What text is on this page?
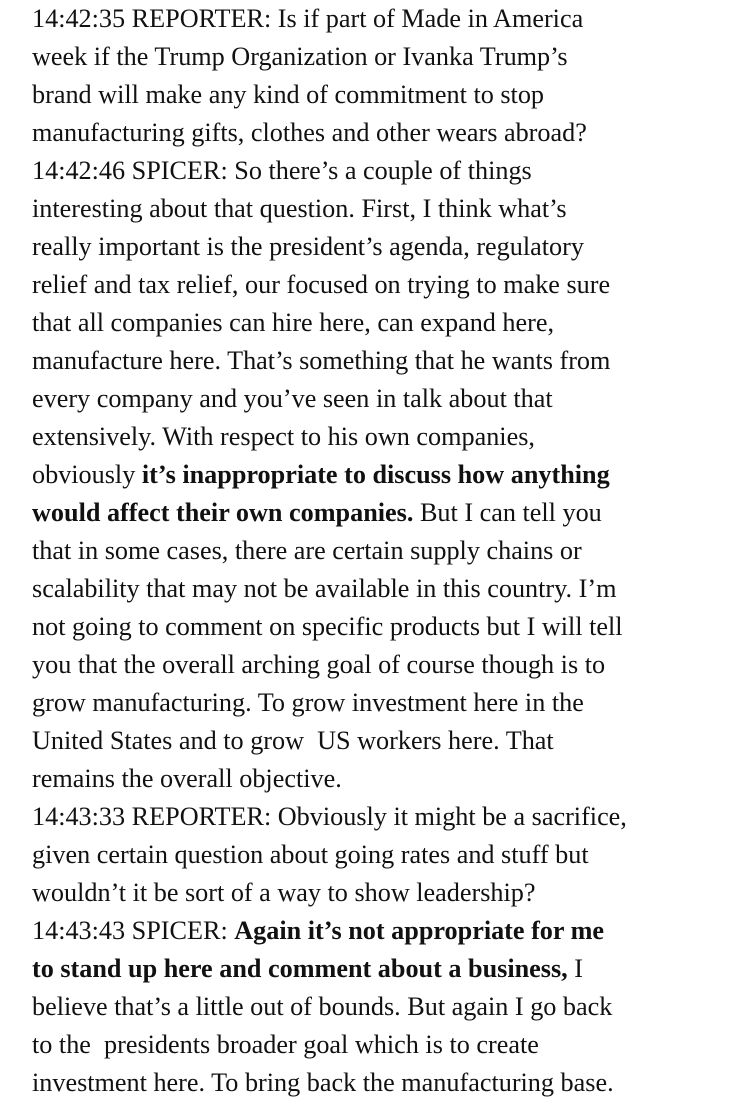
14:42:35 REPORTER: Is if part of Made in America
week if the Trump Organization or Ivanka Trump’s
brand will make any kind of commitment to stop
manufacturing gifts, clothes and other wears abroad?
14:42:46 SPICER: So there’s a couple of things
interesting about that question. First, I think what’s
really important is the president’s agenda, regulatory
relief and tax relief, our focused on trying to make sure
that all companies can hire here, can expand here,
manufacture here. That’s something that he wants from
every company and you’ve seen in talk about that
extensively. With respect to his own companies,
obviously it’s inappropriate to discuss how anything
would affect their own companies. But I can tell you
that in some cases, there are certain supply chains or
scalability that may not be available in this country. I’m
not going to comment on specific products but I will tell
you that the overall arching goal of course though is to
grow manufacturing. To grow investment here in the
United States and to grow  US workers here. That
remains the overall objective.
14:43:33 REPORTER: Obviously it might be a sacrifice,
given certain question about going rates and stuff but
wouldn’t it be sort of a way to show leadership?
14:43:43 SPICER: Again it’s not appropriate for me
to stand up here and comment about a business, I
believe that’s a little out of bounds. But again I go back
to the  presidents broader goal which is to create
investment here. To bring back the manufacturing base.
